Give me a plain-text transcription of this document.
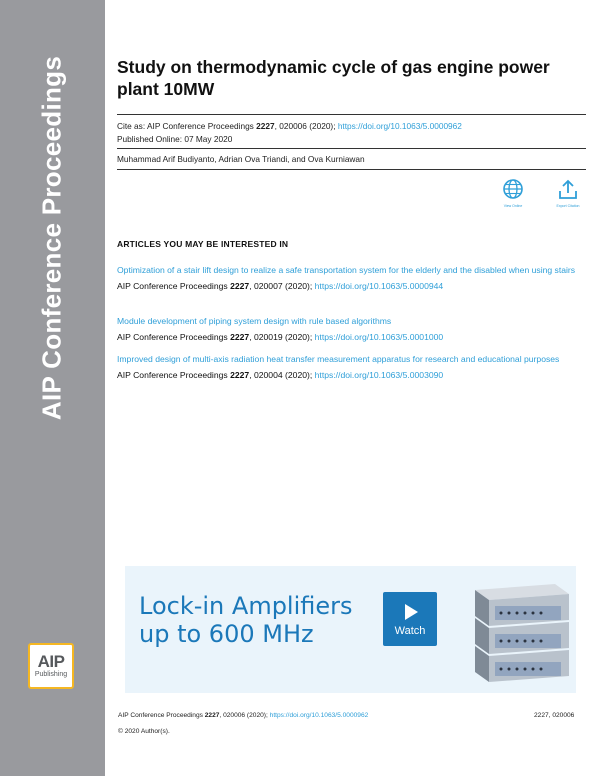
AIP Conference Proceedings
AIP
Publishing
Study on thermodynamic cycle of gas engine power plant 10MW
Cite as: AIP Conference Proceedings 2227, 020006 (2020); https://doi.org/10.1063/5.0000962
Published Online: 07 May 2020
Muhammad Arif Budiyanto, Adrian Ova Triandi, and Ova Kurniawan
View Online	Export Citation
ARTICLES YOU MAY BE INTERESTED IN
Optimization of a stair lift design to realize a safe transportation system for the elderly and the disabled when using stairs
AIP Conference Proceedings 2227, 020007 (2020); https://doi.org/10.1063/5.0000944
Module development of piping system design with rule based algorithms
AIP Conference Proceedings 2227, 020019 (2020); https://doi.org/10.1063/5.0001000
Improved design of multi-axis radiation heat transfer measurement apparatus for research and educational purposes
AIP Conference Proceedings 2227, 020004 (2020); https://doi.org/10.1063/5.0003090
Lock-in Amplifiers
up to 600 MHz	Watch
AIP Conference Proceedings 2227, 020006 (2020); https://doi.org/10.1063/5.0000962	2227, 020006
© 2020 Author(s).
